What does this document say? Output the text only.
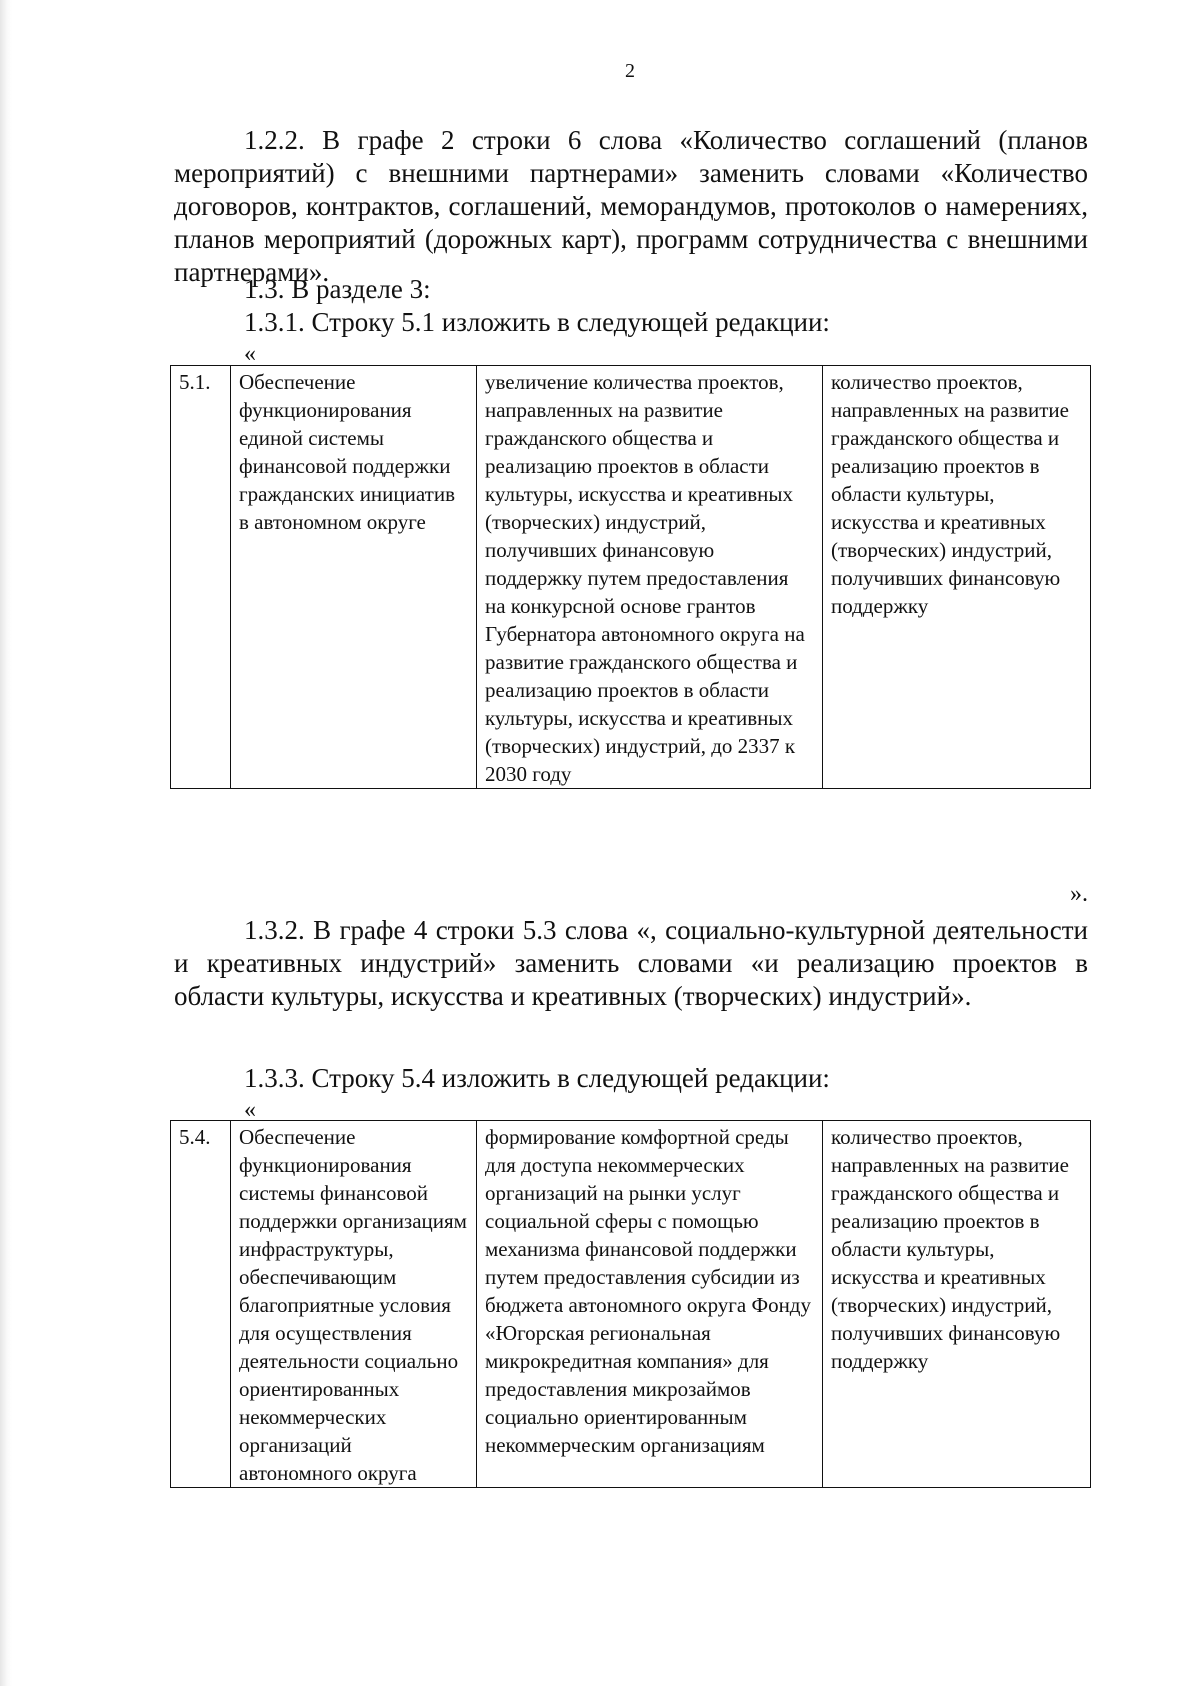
2
1.2.2. В графе 2 строки 6 слова «Количество соглашений (планов мероприятий) с внешними партнерами» заменить словами «Количество договоров, контрактов, соглашений, меморандумов, протоколов о намерениях, планов мероприятий (дорожных карт), программ сотрудничества с внешними партнерами».
1.3. В разделе 3:
1.3.1. Строку 5.1 изложить в следующей редакции:
«
5.1.	Обеспечение функционирования единой системы финансовой поддержки гражданских инициатив в автономном округе	увеличение количества проектов, направленных на развитие гражданского общества и реализацию проектов в области культуры, искусства и креативных (творческих) индустрий, получивших финансовую поддержку путем предоставления на конкурсной основе грантов Губернатора автономного округа на развитие гражданского общества и реализацию проектов в области культуры, искусства и креативных (творческих) индустрий, до 2337 к 2030 году	количество проектов, направленных на развитие гражданского общества и реализацию проектов в области культуры, искусства и креативных (творческих) индустрий, получивших финансовую поддержку
».
1.3.2. В графе 4 строки 5.3 слова «, социально-культурной деятельности и креативных индустрий» заменить словами «и реализацию проектов в области культуры, искусства и креативных (творческих) индустрий».
1.3.3. Строку 5.4 изложить в следующей редакции:
«
5.4.	Обеспечение функционирования системы финансовой поддержки организациям инфраструктуры, обеспечивающим благоприятные условия для осуществления деятельности социально ориентированных некоммерческих организаций автономного округа	формирование комфортной среды для доступа некоммерческих организаций на рынки услуг социальной сферы с помощью механизма финансовой поддержки путем предоставления субсидии из бюджета автономного округа Фонду «Югорская региональная микрокредитная компания» для предоставления микрозаймов социально ориентированным некоммерческим организациям	количество проектов, направленных на развитие гражданского общества и реализацию проектов в области культуры, искусства и креативных (творческих) индустрий, получивших финансовую поддержку
